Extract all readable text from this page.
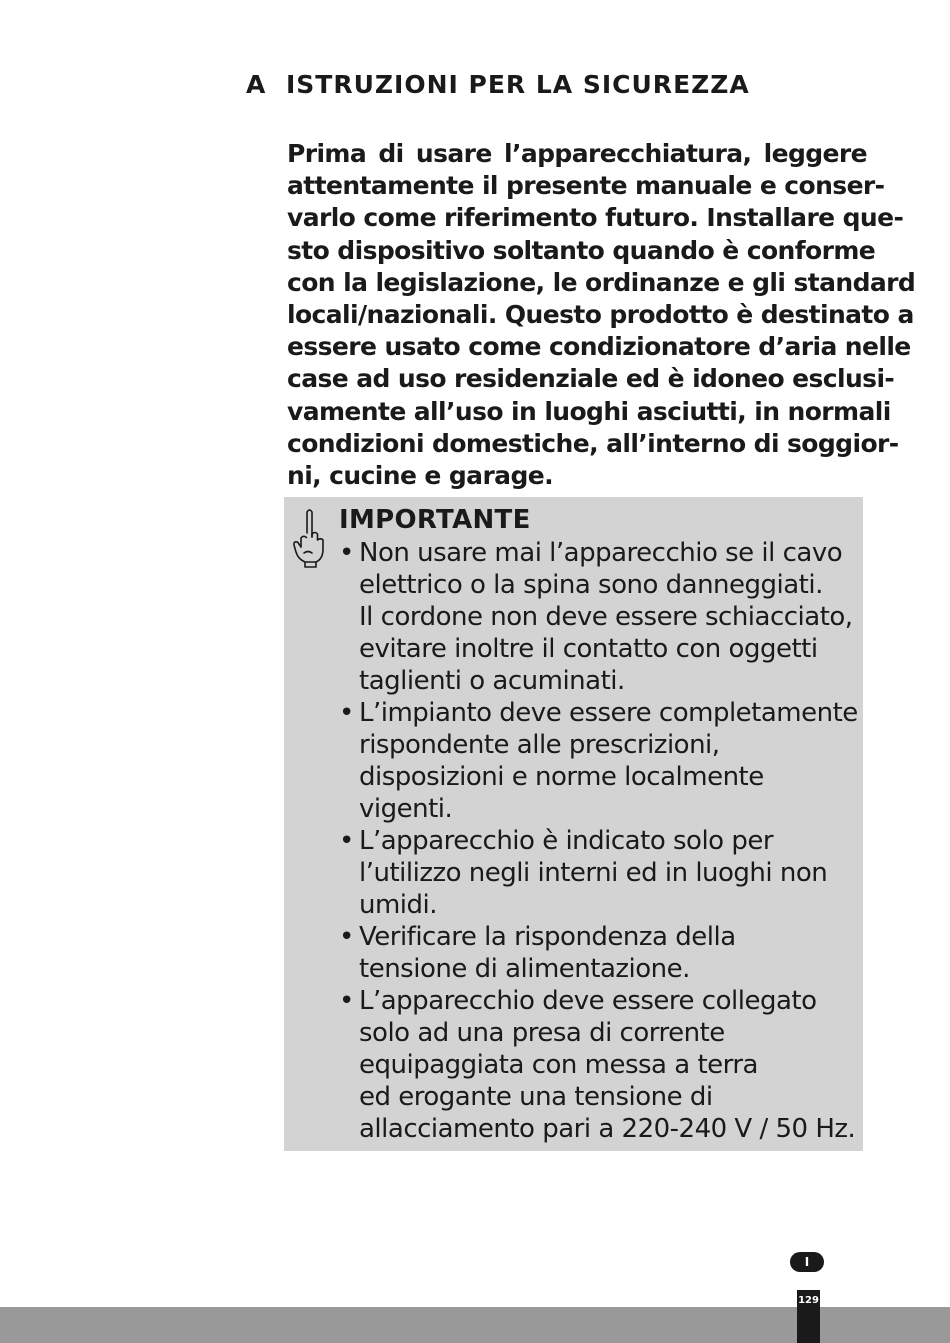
A ISTRUZIONI PER LA SICUREZZA

Prima di usare l’apparecchiatura, leggere
attentamente il presente manuale e conser-
varlo come riferimento futuro. Installare que-
sto dispositivo soltanto quando è conforme
con la legislazione, le ordinanze e gli standard
locali/nazionali. Questo prodotto è destinato a
essere usato come condizionatore d’aria nelle
case ad uso residenziale ed è idoneo esclusi-
vamente all’uso in luoghi asciutti, in normali
condizioni domestiche, all’interno di soggior-
ni, cucine e garage.

IMPORTANTE
• Non usare mai l’apparecchio se il cavo
elettrico o la spina sono danneggiati.
Il cordone non deve essere schiacciato,
evitare inoltre il contatto con oggetti
taglienti o acuminati.
• L’impianto deve essere completamente
rispondente alle prescrizioni,
disposizioni e norme localmente
vigenti.
• L’apparecchio è indicato solo per
l’utilizzo negli interni ed in luoghi non
umidi.
• Verificare la rispondenza della
tensione di alimentazione.
• L’apparecchio deve essere collegato
solo ad una presa di corrente
equipaggiata con messa a terra
ed erogante una tensione di
allacciamento pari a 220-240 V / 50 Hz.
I
129
